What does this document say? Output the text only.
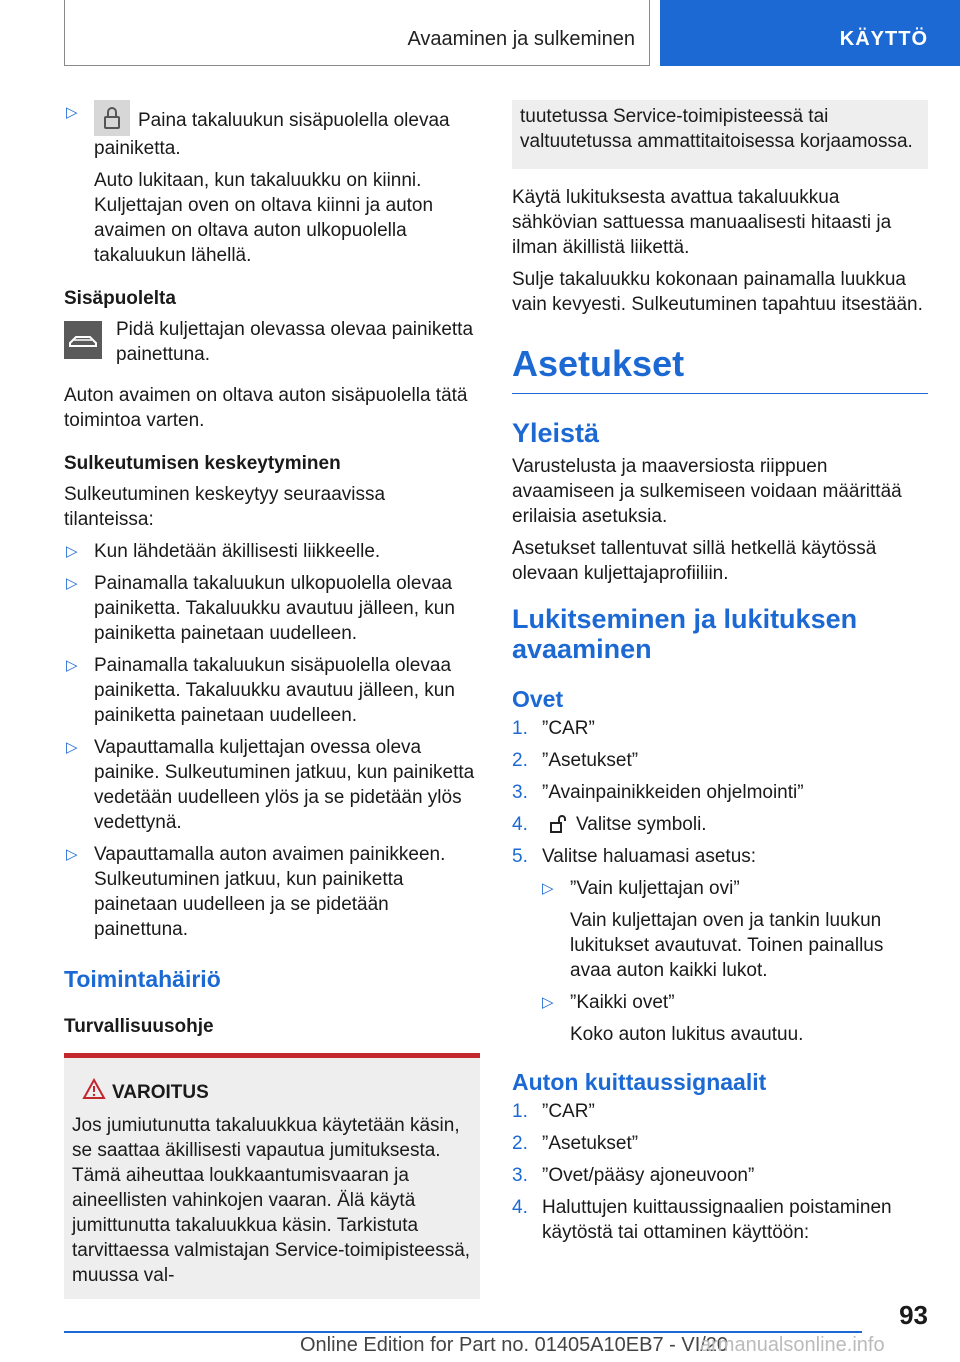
Avaaminen ja sulkeminen	KÄYTTÖ
▷	Paina takaluukun sisäpuolella olevaa painiketta.

Auto lukitaan, kun takaluukku on kiinni. Kuljettajan oven on oltava kiinni ja auton avaimen on oltava auton ulkopuolella takaluukun lähellä.

Sisäpuolelta

Pidä kuljettajan olevassa olevaa painiketta painettuna.

Auton avaimen on oltava auton sisäpuolella tätä toimintoa varten.

Sulkeutumisen keskeytyminen

Sulkeutuminen keskeytyy seuraavissa tilanteissa:

▷ Kun lähdetään äkillisesti liikkeelle.
▷ Painamalla takaluukun ulkopuolella olevaa painiketta. Takaluukku avautuu jälleen, kun painiketta painetaan uudelleen.
▷ Painamalla takaluukun sisäpuolella olevaa painiketta. Takaluukku avautuu jälleen, kun painiketta painetaan uudelleen.
▷ Vapauttamalla kuljettajan ovessa oleva painike. Sulkeutuminen jatkuu, kun painiketta vedetään uudelleen ylös ja se pidetään ylös vedettynä.
▷ Vapauttamalla auton avaimen painikkeen. Sulkeutuminen jatkuu, kun painiketta painetaan uudelleen ja se pidetään painettuna.

Toimintahäiriö

Turvallisuusohje

VAROITUS

Jos jumiutunutta takaluukkua käytetään käsin, se saattaa äkillisesti vapautua jumituksesta. Tämä aiheuttaa loukkaantumisvaaran ja aineellisten vahinkojen vaaran. Älä käytä jumittunutta takaluukkua käsin. Tarkistuta tarvittaessa valmistajan Service-toimipisteessä, muussa val-

tuutetussa Service-toimipisteessä tai valtuutetussa ammattitaitoisessa korjaamossa.

Käytä lukituksesta avattua takaluukkua sähkövian sattuessa manuaalisesti hitaasti ja ilman äkillistä liikettä.

Sulje takaluukku kokonaan painamalla luukkua vain kevyesti. Sulkeutuminen tapahtuu itsestään.

Asetukset

Yleistä

Varustelusta ja maaversiosta riippuen avaamiseen ja sulkemiseen voidaan määrittää erilaisia asetuksia.

Asetukset tallentuvat sillä hetkellä käytössä olevaan kuljettajaprofiiliin.

Lukitseminen ja lukituksen avaaminen

Ovet

1. ”CAR”
2. ”Asetukset”
3. ”Avainpainikkeiden ohjelmointi”
4.	Valitse symboli.
5. Valitse haluamasi asetus:
▷ ”Vain kuljettajan ovi”

Vain kuljettajan oven ja tankin luukun lukitukset avautuvat. Toinen painallus avaa auton kaikki lukot.

▷ ”Kaikki ovet”

Koko auton lukitus avautuu.

Auton kuittaussignaalit

1. ”CAR”
2. ”Asetukset”
3. ”Ovet/pääsy ajoneuvoon”
4. Haluttujen kuittaussignaalien poistaminen käytöstä tai ottaminen käyttöön:
93
Online Edition for Part no. 01405A10EB7 - VI/20
armanualsonline.info
